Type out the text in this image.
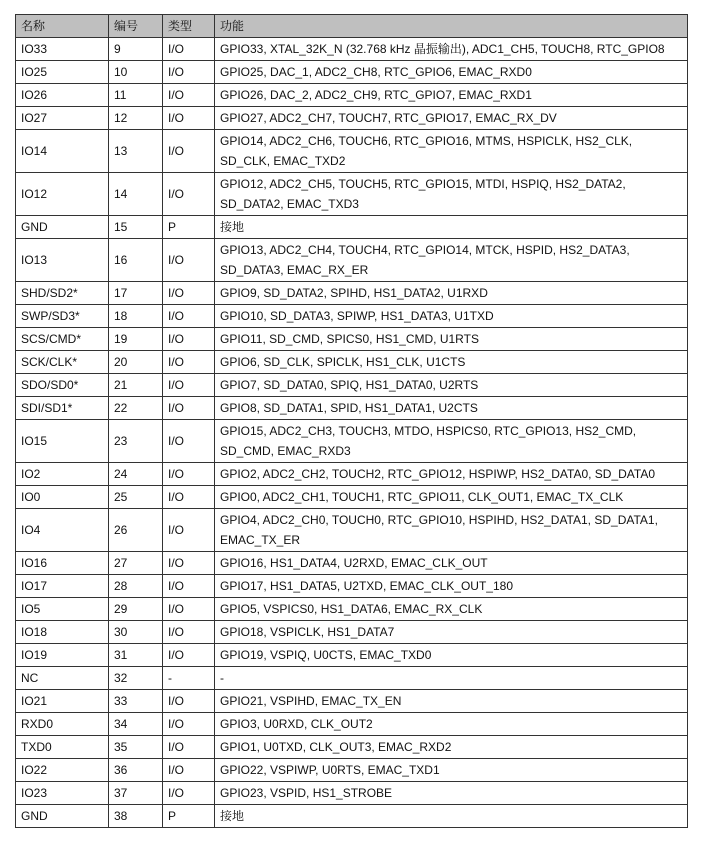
名称	编号	类型	功能
IO33	9	I/O	GPIO33, XTAL_32K_N (32.768 kHz 晶振输出), ADC1_CH5, TOUCH8, RTC_GPIO8
IO25	10	I/O	GPIO25, DAC_1, ADC2_CH8, RTC_GPIO6, EMAC_RXD0
IO26	11	I/O	GPIO26, DAC_2, ADC2_CH9, RTC_GPIO7, EMAC_RXD1
IO27	12	I/O	GPIO27, ADC2_CH7, TOUCH7, RTC_GPIO17, EMAC_RX_DV
IO14	13	I/O	GPIO14, ADC2_CH6, TOUCH6, RTC_GPIO16, MTMS, HSPICLK, HS2_CLK, SD_CLK, EMAC_TXD2
IO12	14	I/O	GPIO12, ADC2_CH5, TOUCH5, RTC_GPIO15, MTDI, HSPIQ, HS2_DATA2, SD_DATA2, EMAC_TXD3
GND	15	P	接地
IO13	16	I/O	GPIO13, ADC2_CH4, TOUCH4, RTC_GPIO14, MTCK, HSPID, HS2_DATA3, SD_DATA3, EMAC_RX_ER
SHD/SD2*	17	I/O	GPIO9, SD_DATA2, SPIHD, HS1_DATA2, U1RXD
SWP/SD3*	18	I/O	GPIO10, SD_DATA3, SPIWP, HS1_DATA3, U1TXD
SCS/CMD*	19	I/O	GPIO11, SD_CMD, SPICS0, HS1_CMD, U1RTS
SCK/CLK*	20	I/O	GPIO6, SD_CLK, SPICLK, HS1_CLK, U1CTS
SDO/SD0*	21	I/O	GPIO7, SD_DATA0, SPIQ, HS1_DATA0, U2RTS
SDI/SD1*	22	I/O	GPIO8, SD_DATA1, SPID, HS1_DATA1, U2CTS
IO15	23	I/O	GPIO15, ADC2_CH3, TOUCH3, MTDO, HSPICS0, RTC_GPIO13, HS2_CMD, SD_CMD, EMAC_RXD3
IO2	24	I/O	GPIO2, ADC2_CH2, TOUCH2, RTC_GPIO12, HSPIWP, HS2_DATA0, SD_DATA0
IO0	25	I/O	GPIO0, ADC2_CH1, TOUCH1, RTC_GPIO11, CLK_OUT1, EMAC_TX_CLK
IO4	26	I/O	GPIO4, ADC2_CH0, TOUCH0, RTC_GPIO10, HSPIHD, HS2_DATA1, SD_DATA1, EMAC_TX_ER
IO16	27	I/O	GPIO16, HS1_DATA4, U2RXD, EMAC_CLK_OUT
IO17	28	I/O	GPIO17, HS1_DATA5, U2TXD, EMAC_CLK_OUT_180
IO5	29	I/O	GPIO5, VSPICS0, HS1_DATA6, EMAC_RX_CLK
IO18	30	I/O	GPIO18, VSPICLK, HS1_DATA7
IO19	31	I/O	GPIO19, VSPIQ, U0CTS, EMAC_TXD0
NC	32	-	-
IO21	33	I/O	GPIO21, VSPIHD, EMAC_TX_EN
RXD0	34	I/O	GPIO3, U0RXD, CLK_OUT2
TXD0	35	I/O	GPIO1, U0TXD, CLK_OUT3, EMAC_RXD2
IO22	36	I/O	GPIO22, VSPIWP, U0RTS, EMAC_TXD1
IO23	37	I/O	GPIO23, VSPID, HS1_STROBE
GND	38	P	接地
